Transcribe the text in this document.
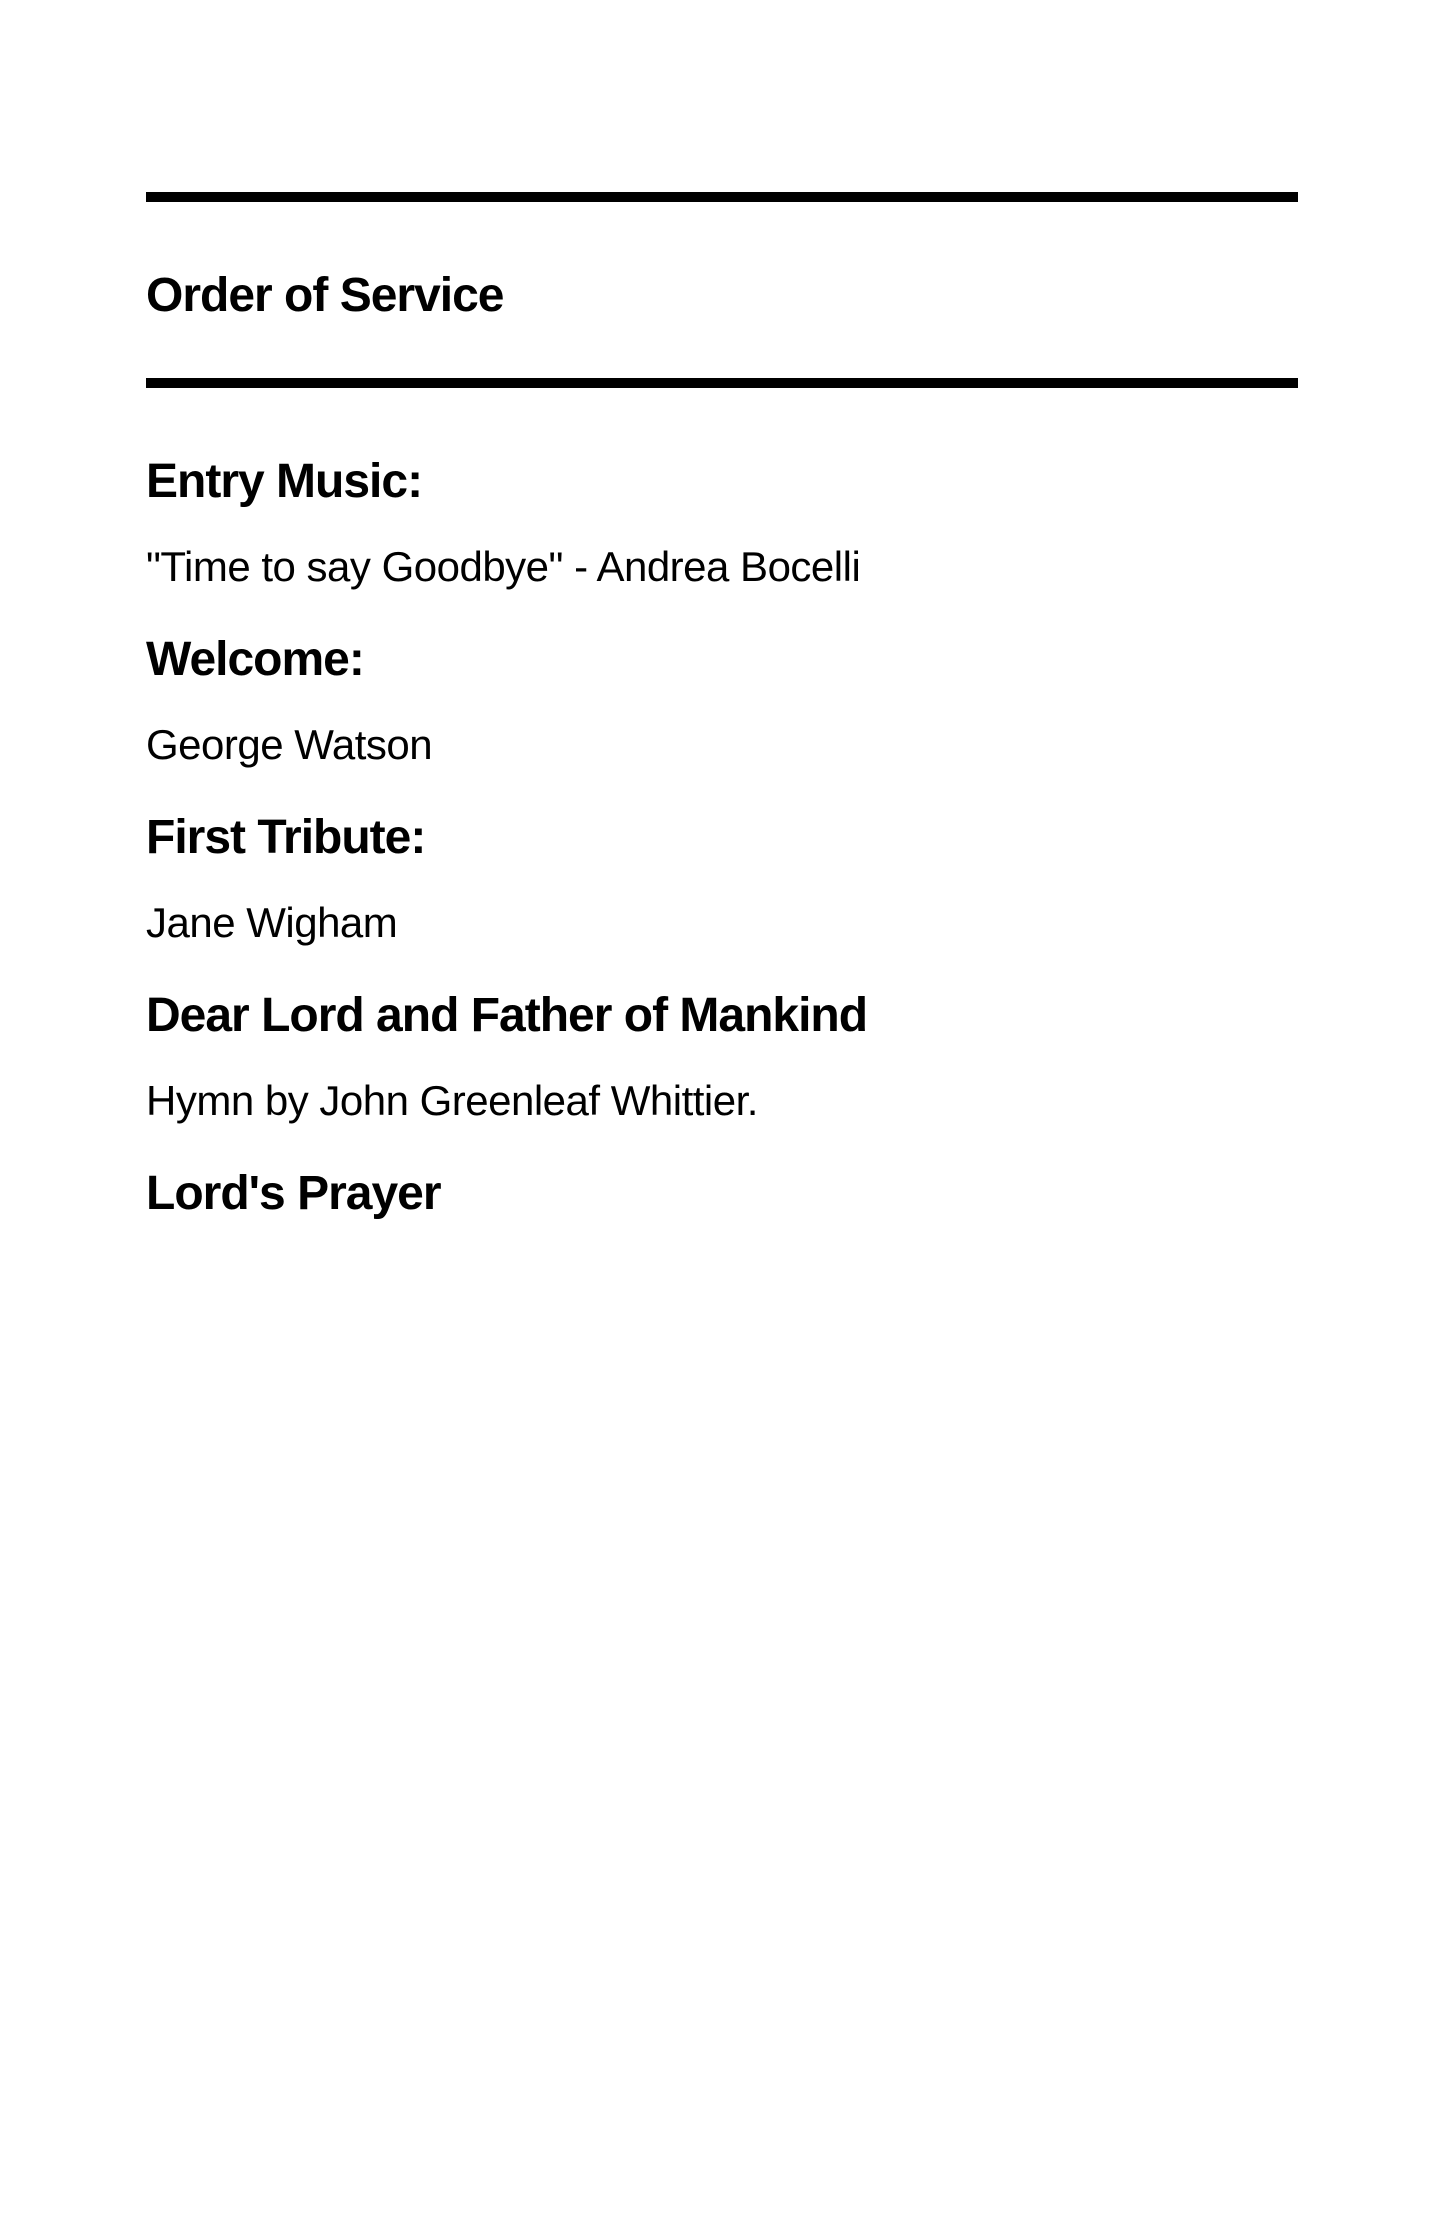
Order of Service
Entry Music:

"Time to say Goodbye" - Andrea Bocelli

Welcome:

George Watson

First Tribute:

Jane Wigham

Dear Lord and Father of Mankind

Hymn by John Greenleaf Whittier.

Lord's Prayer
